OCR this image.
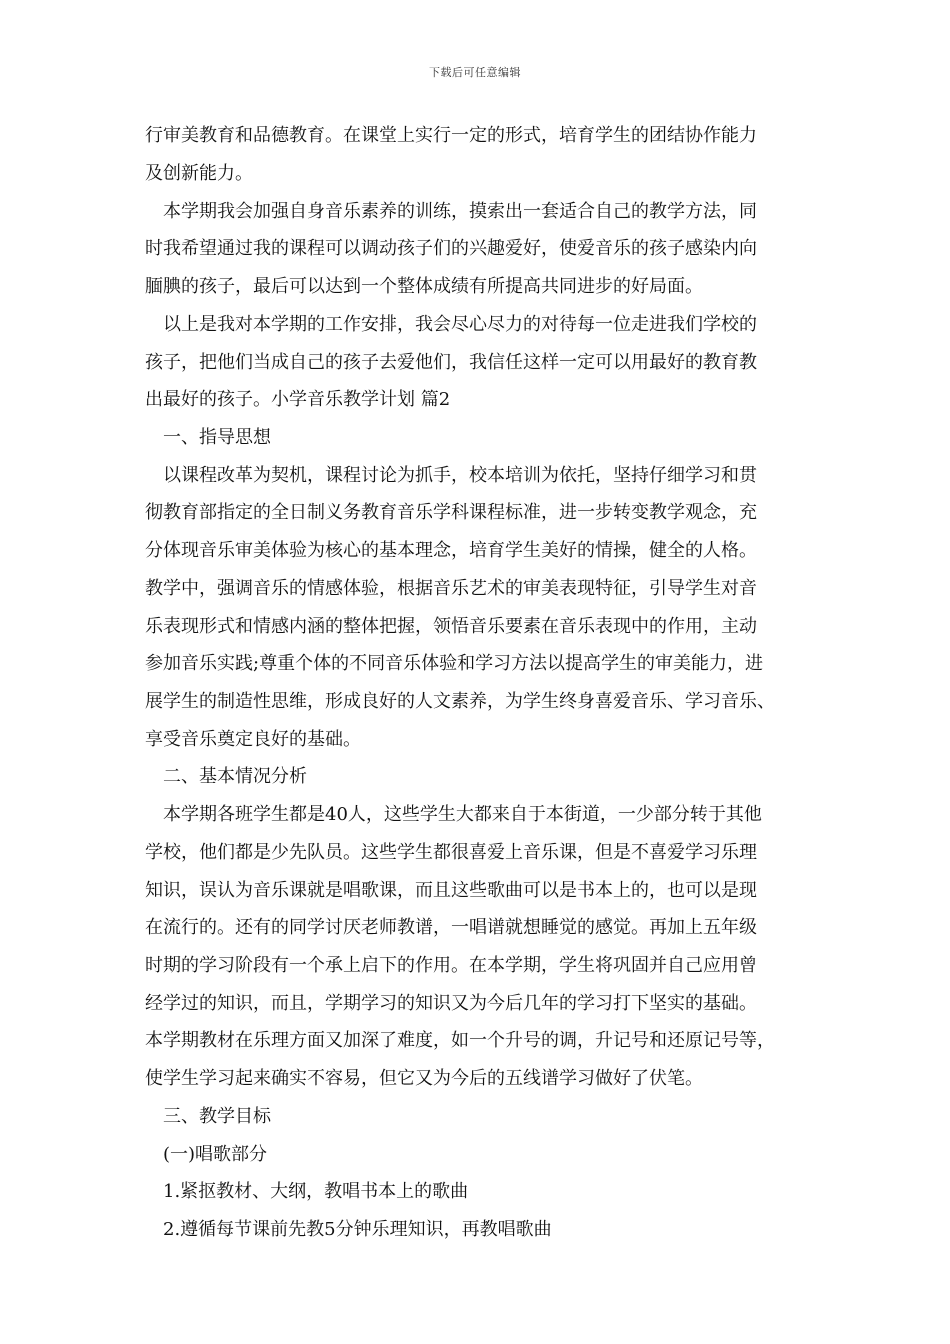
下载后可任意编辑
行审美教育和品德教育。在课堂上实行一定的形式，培育学生的团结协作能力
及创新能力。
本学期我会加强自身音乐素养的训练，摸索出一套适合自己的教学方法，同
时我希望通过我的课程可以调动孩子们的兴趣爱好，使爱音乐的孩子感染内向
腼腆的孩子，最后可以达到一个整体成绩有所提高共同进步的好局面。
以上是我对本学期的工作安排，我会尽心尽力的对待每一位走进我们学校的
孩子，把他们当成自己的孩子去爱他们，我信任这样一定可以用最好的教育教
出最好的孩子。小学音乐教学计划 篇2
一、指导思想
以课程改革为契机，课程讨论为抓手，校本培训为依托，坚持仔细学习和贯
彻教育部指定的全日制义务教育音乐学科课程标准，进一步转变教学观念，充
分体现音乐审美体验为核心的基本理念，培育学生美好的情操，健全的人格。
教学中，强调音乐的情感体验，根据音乐艺术的审美表现特征，引导学生对音
乐表现形式和情感内涵的整体把握，领悟音乐要素在音乐表现中的作用，主动
参加音乐实践;尊重个体的不同音乐体验和学习方法以提高学生的审美能力，进
展学生的制造性思维，形成良好的人文素养，为学生终身喜爱音乐、学习音乐、
享受音乐奠定良好的基础。
二、基本情况分析
本学期各班学生都是40人，这些学生大都来自于本街道，一少部分转于其他
学校，他们都是少先队员。这些学生都很喜爱上音乐课，但是不喜爱学习乐理
知识，误认为音乐课就是唱歌课，而且这些歌曲可以是书本上的，也可以是现
在流行的。还有的同学讨厌老师教谱，一唱谱就想睡觉的感觉。再加上五年级
时期的学习阶段有一个承上启下的作用。在本学期，学生将巩固并自己应用曾
经学过的知识，而且，学期学习的知识又为今后几年的学习打下坚实的基础。
本学期教材在乐理方面又加深了难度，如一个升号的调，升记号和还原记号等，
使学生学习起来确实不容易，但它又为今后的五线谱学习做好了伏笔。
三、教学目标
(一)唱歌部分
1.紧抠教材、大纲，教唱书本上的歌曲
2.遵循每节课前先教5分钟乐理知识，再教唱歌曲
